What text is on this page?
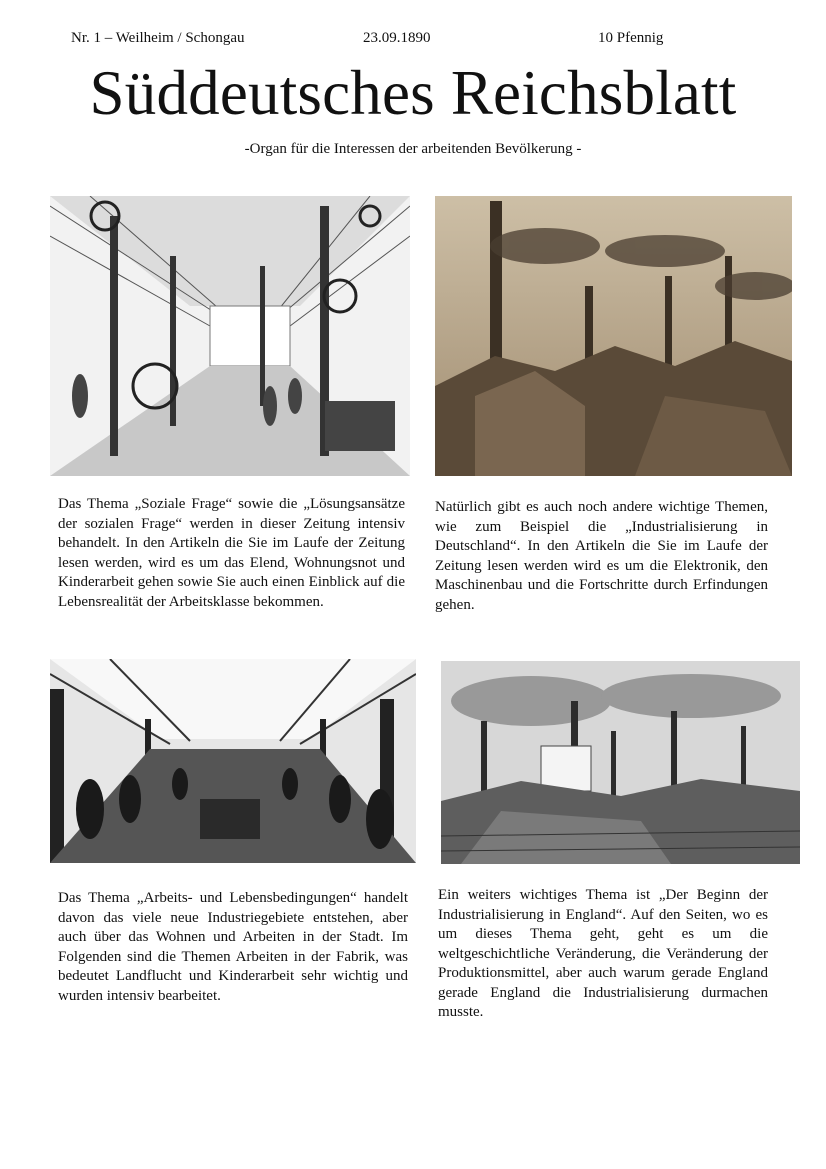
Nr. 1 – Weilheim / Schongau	23.09.1890	10 Pfennig
Süddeutsches Reichsblatt
-Organ für die Interessen der arbeitenden Bevölkerung -
Das Thema „Soziale Frage“ sowie die „Lösungsansätze der sozialen Frage“ werden in dieser Zeitung intensiv behandelt. In den Artikeln die Sie im Laufe der Zeitung lesen werden, wird es um das Elend, Wohnungsnot und Kinderarbeit gehen sowie Sie auch einen Einblick auf die Lebensrealität der Arbeitsklasse bekommen.
Natürlich gibt es auch noch andere wichtige Themen, wie zum Beispiel die „Industrialisierung in Deutschland“. In den Artikeln die Sie im Laufe der Zeitung lesen werden wird es um die Elektronik, den Maschinenbau und die Fortschritte durch Erfindungen gehen.
Das Thema „Arbeits- und Lebensbedingungen“ handelt davon das viele neue Industriegebiete entstehen, aber auch über das Wohnen und Arbeiten in der Stadt. Im Folgenden sind die Themen Arbeiten in der Fabrik, was bedeutet Landflucht und Kinderarbeit sehr wichtig und wurden intensiv bearbeitet.
Ein weiters wichtiges Thema ist „Der Beginn der Industrialisierung in England“. Auf den Seiten, wo es um dieses Thema geht, geht es um die weltgeschichtliche Veränderung, die Veränderung der Produktionsmittel, aber auch warum gerade England gerade England die Industrialisierung durmachen musste.
